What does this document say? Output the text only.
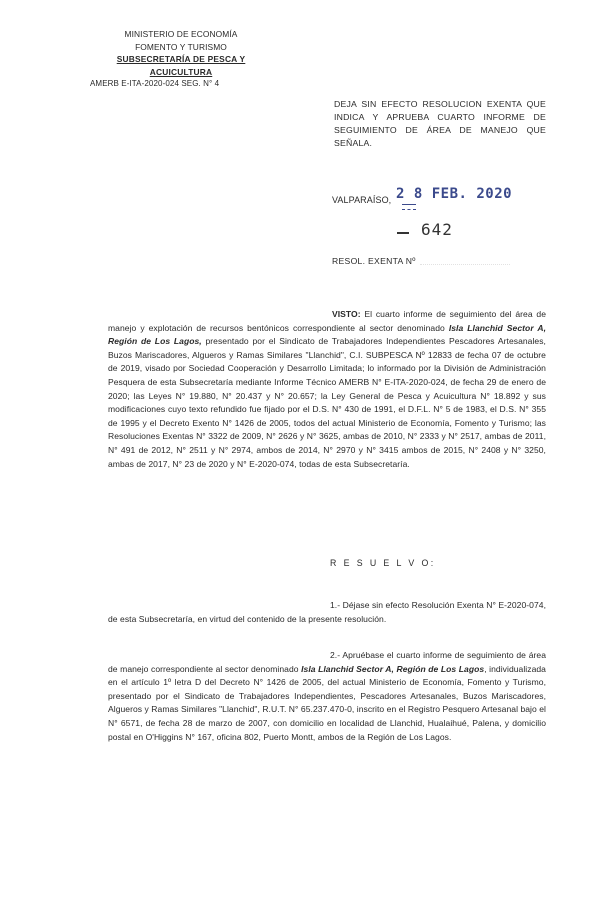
MINISTERIO DE ECONOMÍA
FOMENTO Y TURISMO
SUBSECRETARÍA DE PESCA Y ACUICULTURA
AMERB E-ITA-2020-024 SEG. N° 4
DEJA SIN EFECTO RESOLUCION EXENTA QUE INDICA Y APRUEBA CUARTO INFORME DE SEGUIMIENTO DE ÁREA DE MANEJO QUE SEÑALA.
VALPARAÍSO, 2 8 FEB. 2020
642
RESOL. EXENTA Nº
VISTO: El cuarto informe de seguimiento del área de manejo y explotación de recursos bentónicos correspondiente al sector denominado Isla Llanchid Sector A, Región de Los Lagos, presentado por el Sindicato de Trabajadores Independientes Pescadores Artesanales, Buzos Mariscadores, Algueros y Ramas Similares "Llanchid", C.I. SUBPESCA Nº 12833 de fecha 07 de octubre de 2019, visado por Sociedad Cooperación y Desarrollo Limitada; lo informado por la División de Administración Pesquera de esta Subsecretaría mediante Informe Técnico AMERB N° E-ITA-2020-024, de fecha 29 de enero de 2020; las Leyes N° 19.880, N° 20.437 y N° 20.657; la Ley General de Pesca y Acuicultura N° 18.892 y sus modificaciones cuyo texto refundido fue fijado por el D.S. N° 430 de 1991, el D.F.L. N° 5 de 1983, el D.S. N° 355 de 1995 y el Decreto Exento N° 1426 de 2005, todos del actual Ministerio de Economía, Fomento y Turismo; las Resoluciones Exentas N° 3322 de 2009, N° 2626 y N° 3625, ambas de 2010, N° 2333 y N° 2517, ambas de 2011, N° 491 de 2012, N° 2511 y N° 2974, ambos de 2014, N° 2970 y N° 3415 ambos de 2015, N° 2408 y N° 3250, ambas de 2017, N° 23 de 2020 y N° E-2020-074, todas de esta Subsecretaría.
R E S U E L V O:
1.- Déjase sin efecto Resolución Exenta N° E-2020-074, de esta Subsecretaría, en virtud del contenido de la presente resolución.
2.- Apruébase el cuarto informe de seguimiento de área de manejo correspondiente al sector denominado Isla Llanchid Sector A, Región de Los Lagos, individualizada en el artículo 1º letra D del Decreto N° 1426 de 2005, del actual Ministerio de Economía, Fomento y Turismo, presentado por el Sindicato de Trabajadores Independientes, Pescadores Artesanales, Buzos Mariscadores, Algueros y Ramas Similares "Llanchid", R.U.T. N° 65.237.470-0, inscrito en el Registro Pesquero Artesanal bajo el N° 6571, de fecha 28 de marzo de 2007, con domicilio en localidad de Llanchid, Hualaihué, Palena, y domicilio postal en O'Higgins N° 167, oficina 802, Puerto Montt, ambos de la Región de Los Lagos.
